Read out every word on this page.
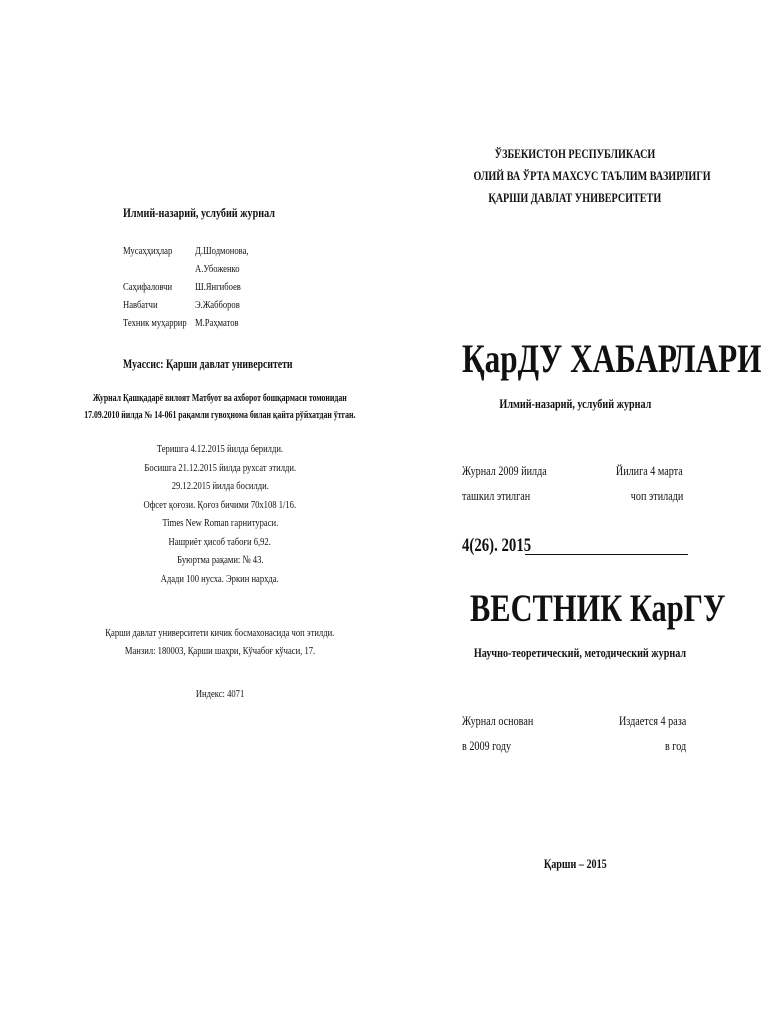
Илмий-назарий, услубий журнал
Мусаҳҳиҳлар Д.Шодмонова,
А.Убоженко
Саҳифаловчи Ш.Янгибоев
Навбатчи	Э.Жабборов
Техник муҳаррир М.Раҳматов
Муассис: Қарши давлат университети
Журнал Қашқадарё вилоят Матбуот ва ахборот бошқармаси томонидан
17.09.2010 йилда № 14-061 рақамли гувоҳнома билан қайта рўйхатдан ўтган.
Теришга 4.12.2015 йилда берилди.
Босишга 21.12.2015 йилда рухсат этилди.
29.12.2015 йилда босилди.
Офсет қоғози. Қоғоз бичими 70х108 1/16.
Times New Roman гарнитураси.
Нашриёт ҳисоб табоғи 6,92.
Буюртма рақами: № 43.
Адади 100 нусха. Эркин нархда.
Қарши давлат университети кичик босмахонасида чоп этилди.
Манзил: 180003, Қарши шаҳри, Кўчабоғ кўчаси, 17.
Индекс: 4071
ЎЗБЕКИСТОН РЕСПУБЛИКАСИ
ОЛИЙ ВА ЎРТА МАХСУС ТАЪЛИМ ВАЗИРЛИГИ
ҚАРШИ ДАВЛАТ УНИВЕРСИТЕТИ
ҚарДУ ХАБАРЛАРИ
Илмий-назарий, услубий журнал
Журнал 2009 йилда
ташкил этилган
Йилига 4 марта
чоп этилади
4(26). 2015
ВЕСТНИК КарГУ
Научно-теоретический, методический журнал
Журнал основан
в 2009 году
Издается 4 раза
в год
Қарши – 2015
